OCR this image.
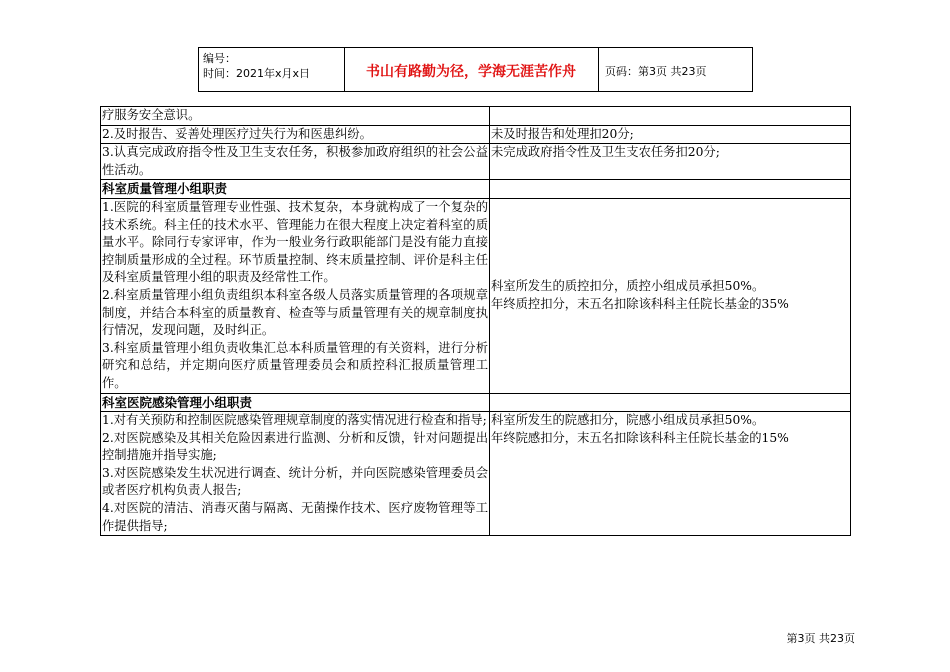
编号：
时间：2021年x月x日	书山有路勤为径，学海无涯苦作舟	页码：第3页 共23页
疗服务安全意识。	
2.及时报告、妥善处理医疗过失行为和医患纠纷。	未及时报告和处理扣20分;
3.认真完成政府指令性及卫生支农任务，积极参加政府组织的社会公益性活动。	未完成政府指令性及卫生支农任务扣20分;
科室质量管理小组职责	

1.医院的科室质量管理专业性强、技术复杂，本身就构成了一个复杂的技术系统。科主任的技术水平、管理能力在很大程度上决定着科室的质量水平。除同行专家评审，作为一般业务行政职能部门是没有能力直接控制质量形成的全过程。环节质量控制、终末质量控制、评价是科主任及科室质量管理小组的职责及经常性工作。
2.科室质量管理小组负责组织本科室各级人员落实质量管理的各项规章制度，并结合本科室的质量教育、检查等与质量管理有关的规章制度执行情况，发现问题，及时纠正。
3.科室质量管理小组负责收集汇总本科质量管理的有关资料，进行分析研究和总结，并定期向医疗质量管理委员会和质控科汇报质量管理工作。	科室所发生的质控扣分，质控小组成员承担50%。
年终质控扣分，末五名扣除该科科主任院长基金的35%

科室医院感染管理小组职责	

1.对有关预防和控制医院感染管理规章制度的落实情况进行检查和指导;
2.对医院感染及其相关危险因素进行监测、分析和反馈，针对问题提出控制措施并指导实施;
3.对医院感染发生状况进行调查、统计分析，并向医院感染管理委员会或者医疗机构负责人报告;
4.对医院的清洁、消毒灭菌与隔离、无菌操作技术、医疗废物管理等工作提供指导;	科室所发生的院感扣分，院感小组成员承担50%。
年终院感扣分，末五名扣除该科科主任院长基金的15%
第3页 共23页
